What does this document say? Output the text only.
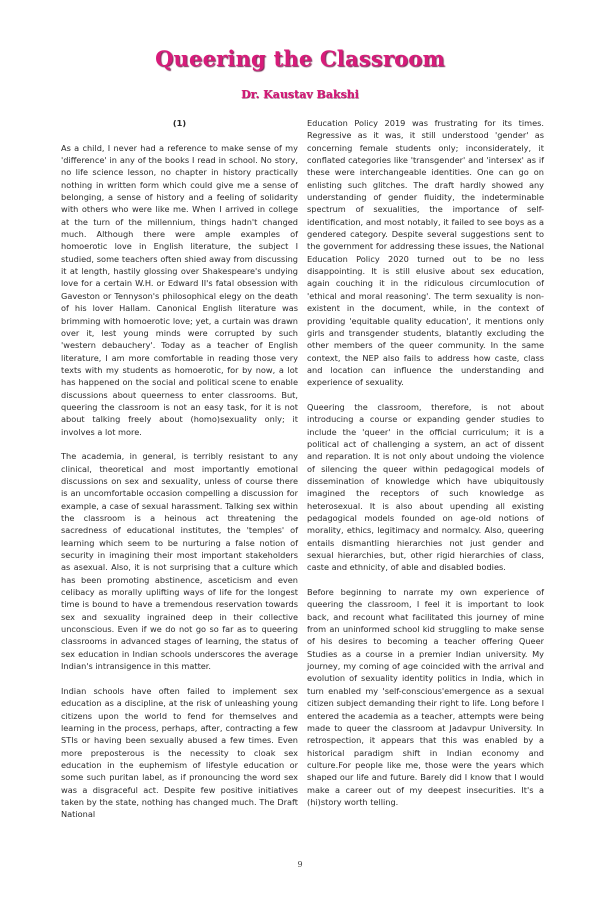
Queering the Classroom
Dr. Kaustav Bakshi

(1)

As a child, I never had a reference to make sense of my 'difference' in any of the books I read in school. No story, no life science lesson, no chapter in history practically nothing in written form which could give me a sense of belonging, a sense of history and a feeling of solidarity with others who were like me. When I arrived in college at the turn of the millennium, things hadn't changed much. Although there were ample examples of homoerotic love in English literature, the subject I studied, some teachers often shied away from discussing it at length, hastily glossing over Shakespeare's undying love for a certain W.H. or Edward II's fatal obsession with Gaveston or Tennyson's philosophical elegy on the death of his lover Hallam. Canonical English literature was brimming with homoerotic love; yet, a curtain was drawn over it, lest young minds were corrupted by such 'western debauchery'. Today as a teacher of English literature, I am more comfortable in reading those very texts with my students as homoerotic, for by now, a lot has happened on the social and political scene to enable discussions about queerness to enter classrooms. But, queering the classroom is not an easy task, for it is not about talking freely about (homo)sexuality only; it involves a lot more.

The academia, in general, is terribly resistant to any clinical, theoretical and most importantly emotional discussions on sex and sexuality, unless of course there is an uncomfortable occasion compelling a discussion for example, a case of sexual harassment. Talking sex within the classroom is a heinous act threatening the sacredness of educational institutes, the 'temples' of learning which seem to be nurturing a false notion of security in imagining their most important stakeholders as asexual. Also, it is not surprising that a culture which has been promoting abstinence, asceticism and even celibacy as morally uplifting ways of life for the longest time is bound to have a tremendous reservation towards sex and sexuality ingrained deep in their collective unconscious. Even if we do not go so far as to queering classrooms in advanced stages of learning, the status of sex education in Indian schools underscores the average Indian's intransigence in this matter.

Indian schools have often failed to implement sex education as a discipline, at the risk of unleashing young citizens upon the world to fend for themselves and learning in the process, perhaps, after, contracting a few STIs or having been sexually abused a few times. Even more preposterous is the necessity to cloak sex education in the euphemism of lifestyle education or some such puritan label, as if pronouncing the word sex was a disgraceful act. Despite few positive initiatives taken by the state, nothing has changed much. The Draft National

Education Policy 2019 was frustrating for its times. Regressive as it was, it still understood 'gender' as concerning female students only; inconsiderately, it conflated categories like 'transgender' and 'intersex' as if these were interchangeable identities. One can go on enlisting such glitches. The draft hardly showed any understanding of gender fluidity, the indeterminable spectrum of sexualities, the importance of self-identification, and most notably, it failed to see boys as a gendered category. Despite several suggestions sent to the government for addressing these issues, the National Education Policy 2020 turned out to be no less disappointing. It is still elusive about sex education, again couching it in the ridiculous circumlocution of 'ethical and moral reasoning'. The term sexuality is non-existent in the document, while, in the context of providing 'equitable quality education', it mentions only girls and transgender students, blatantly excluding the other members of the queer community. In the same context, the NEP also fails to address how caste, class and location can influence the understanding and experience of sexuality.

Queering the classroom, therefore, is not about introducing a course or expanding gender studies to include the 'queer' in the official curriculum; it is a political act of challenging a system, an act of dissent and reparation. It is not only about undoing the violence of silencing the queer within pedagogical models of dissemination of knowledge which have ubiquitously imagined the receptors of such knowledge as heterosexual. It is also about upending all existing pedagogical models founded on age-old notions of morality, ethics, legitimacy and normalcy. Also, queering entails dismantling hierarchies not just gender and sexual hierarchies, but, other rigid hierarchies of class, caste and ethnicity, of able and disabled bodies.

Before beginning to narrate my own experience of queering the classroom, I feel it is important to look back, and recount what facilitated this journey of mine from an uninformed school kid struggling to make sense of his desires to becoming a teacher offering Queer Studies as a course in a premier Indian university. My journey, my coming of age coincided with the arrival and evolution of sexuality identity politics in India, which in turn enabled my 'self-conscious'emergence as a sexual citizen subject demanding their right to life. Long before I entered the academia as a teacher, attempts were being made to queer the classroom at Jadavpur University. In retrospection, it appears that this was enabled by a historical paradigm shift in Indian economy and culture.For people like me, those were the years which shaped our life and future. Barely did I know that I would make a career out of my deepest insecurities. It's a (hi)story worth telling.

9
